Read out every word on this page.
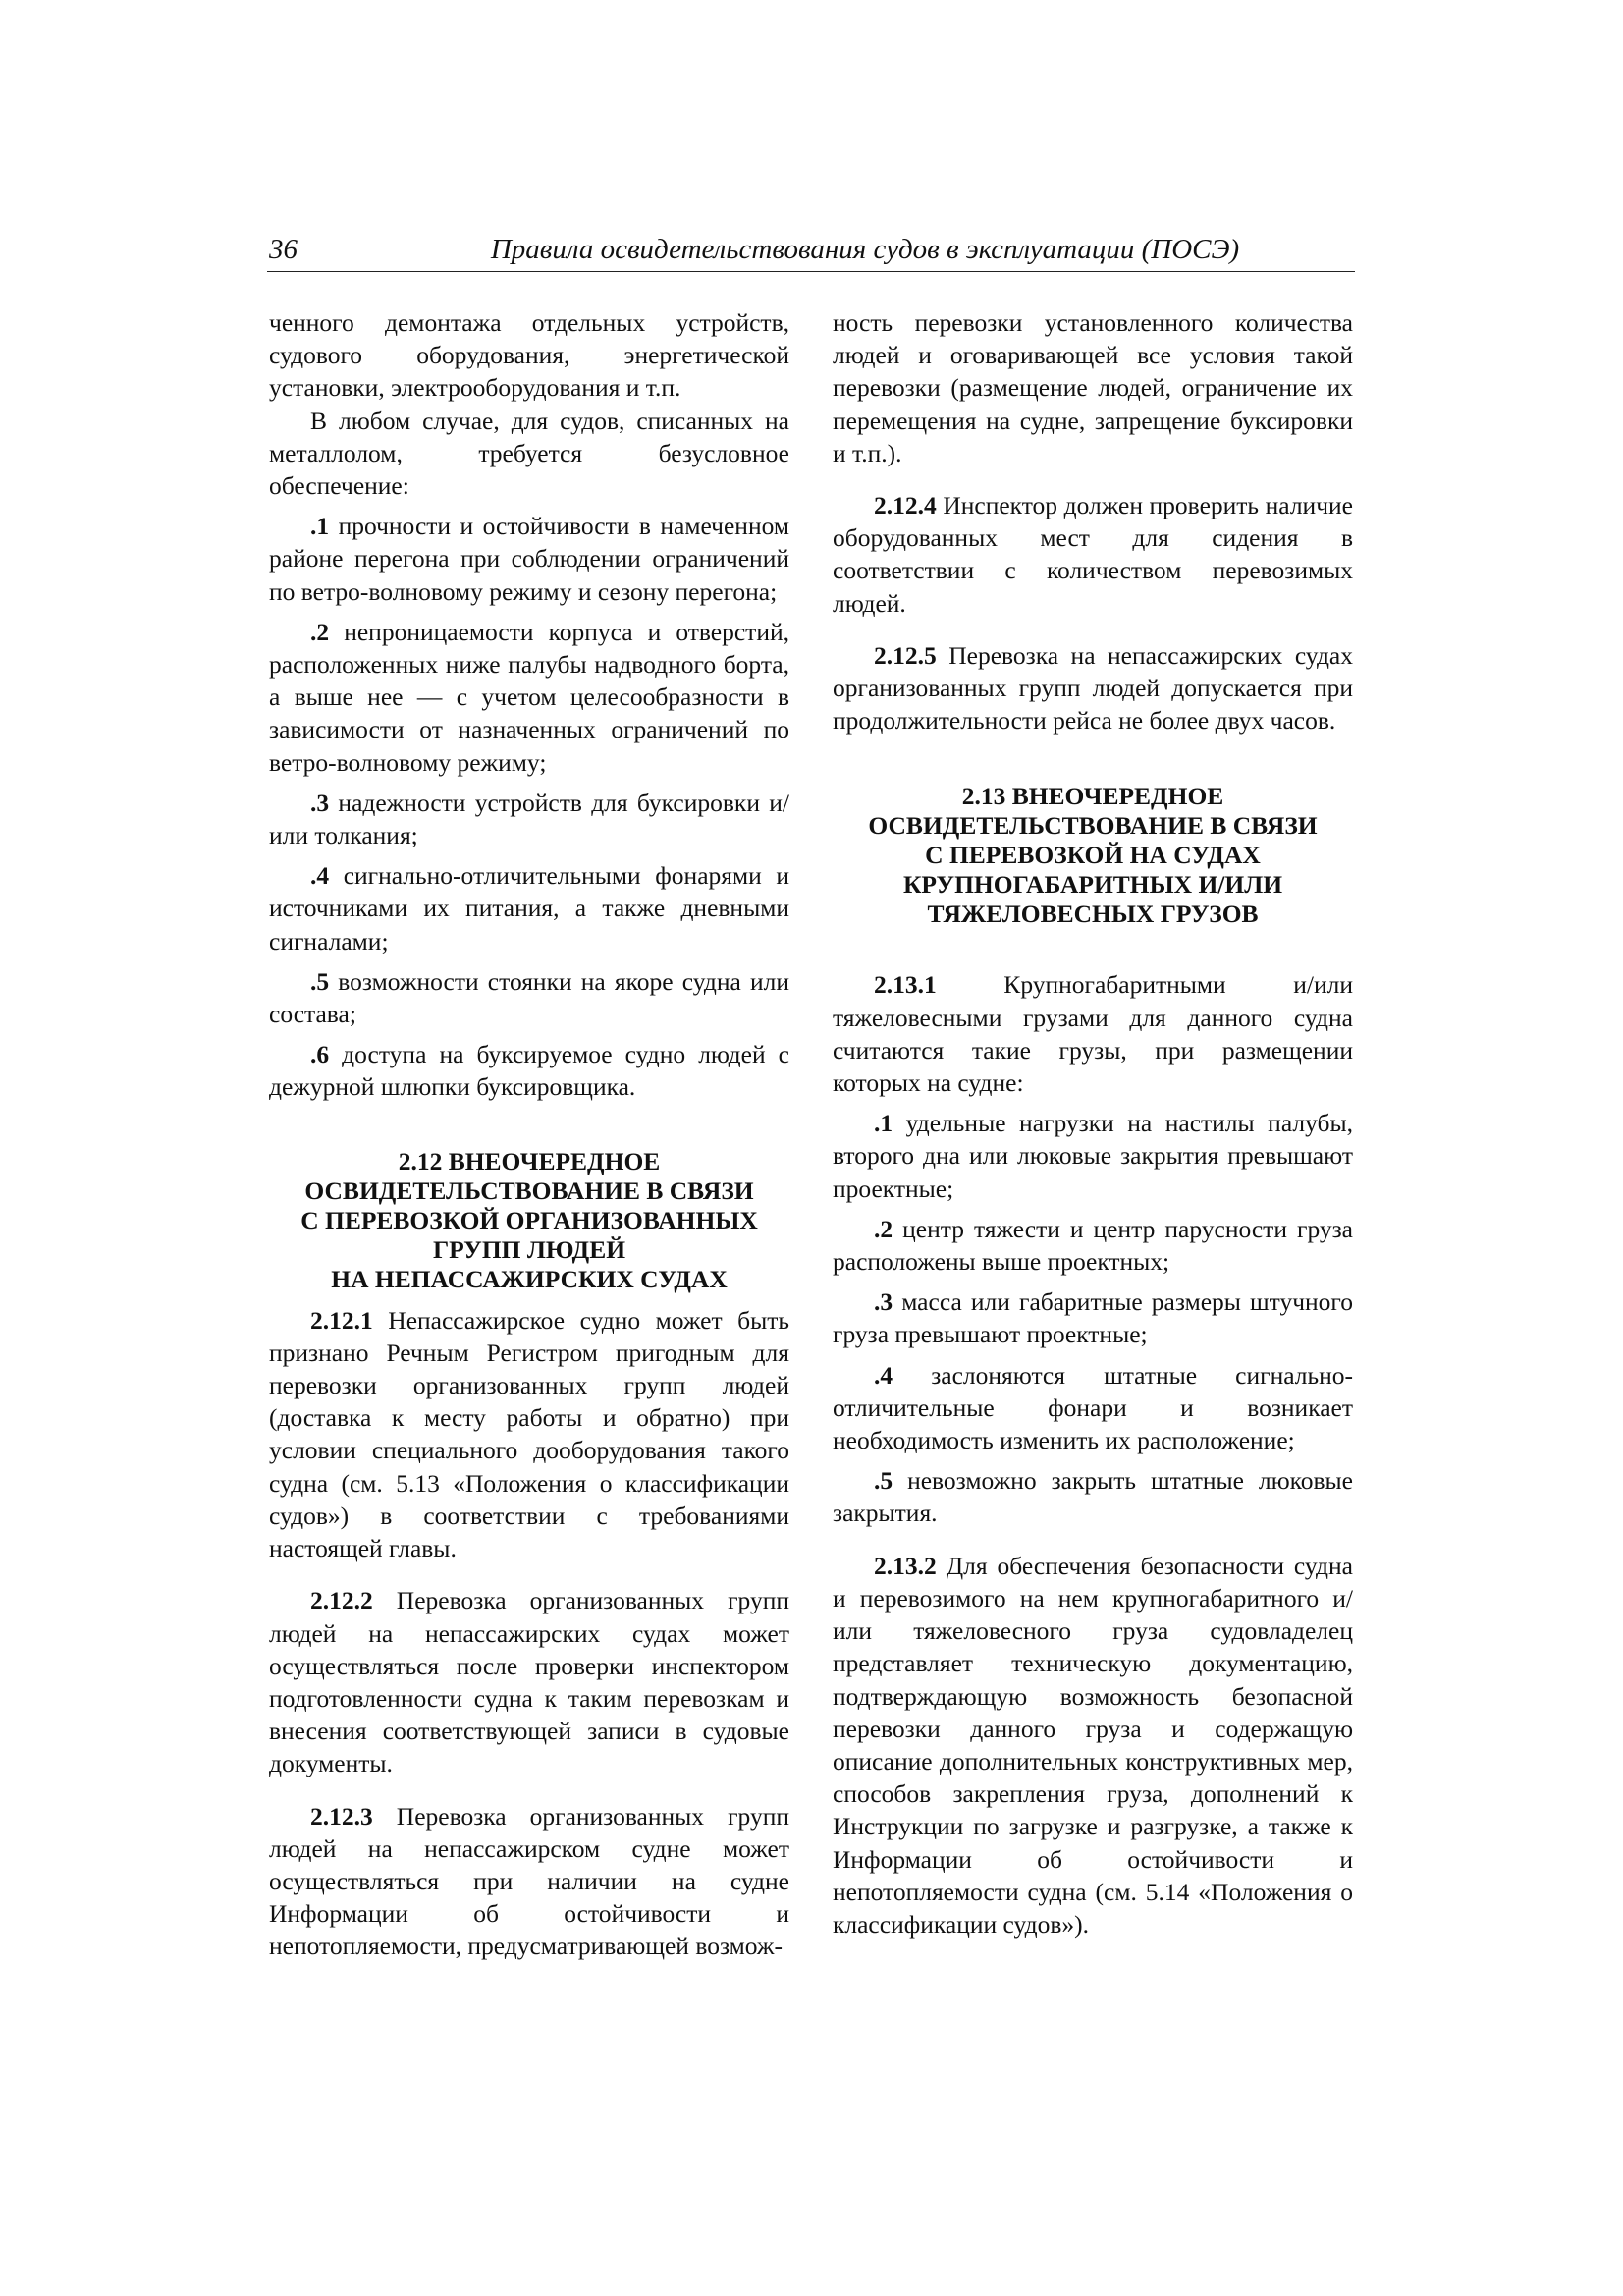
36	Правила освидетельствования судов в эксплуатации (ПОСЭ)

ченного демонтажа отдельных устройств, судового оборудования, энергетической установки, электрооборудования и т.п.

В любом случае, для судов, списанных на металлолом, требуется безусловное обеспечение:

.1 прочности и остойчивости в намеченном районе перегона при соблюдении ограничений по ветро-волновому режиму и сезону перегона;

.2 непроницаемости корпуса и отверстий, расположенных ниже палубы надводного борта, а выше нее — с учетом целесообразности в зависимости от назначенных ограничений по ветро-волновому режиму;

.3 надежности устройств для буксировки и/или толкания;

.4 сигнально-отличительными фонарями и источниками их питания, а также дневными сигналами;

.5 возможности стоянки на якоре судна или состава;

.6 доступа на буксируемое судно людей с дежурной шлюпки буксировщика.

2.12 ВНЕОЧЕРЕДНОЕ
ОСВИДЕТЕЛЬСТВОВАНИЕ В СВЯЗИ
С ПЕРЕВОЗКОЙ ОРГАНИЗОВАННЫХ
ГРУПП ЛЮДЕЙ
НА НЕПАССАЖИРСКИХ СУДАХ

2.12.1 Непассажирское судно может быть признано Речным Регистром пригодным для перевозки организованных групп людей (доставка к месту работы и обратно) при условии специального дооборудования такого судна (см. 5.13 «Положения о классификации судов») в соответствии с требованиями настоящей главы.

2.12.2 Перевозка организованных групп людей на непассажирских судах может осуществляться после проверки инспектором подготовленности судна к таким перевозкам и внесения соответствующей записи в судовые документы.

2.12.3 Перевозка организованных групп людей на непассажирском судне может осуществляться при наличии на судне Информации об остойчивости и непотопляемости, предусматривающей возмож-

ность перевозки установленного количества людей и оговаривающей все условия такой перевозки (размещение людей, ограничение их перемещения на судне, запрещение буксировки и т.п.).

2.12.4 Инспектор должен проверить наличие оборудованных мест для сидения в соответствии с количеством перевозимых людей.

2.12.5 Перевозка на непассажирских судах организованных групп людей допускается при продолжительности рейса не более двух часов.

2.13 ВНЕОЧЕРЕДНОЕ
ОСВИДЕТЕЛЬСТВОВАНИЕ В СВЯЗИ
С ПЕРЕВОЗКОЙ НА СУДАХ
КРУПНОГАБАРИТНЫХ И/ИЛИ
ТЯЖЕЛОВЕСНЫХ ГРУЗОВ

2.13.1 Крупногабаритными и/или тяжеловесными грузами для данного судна считаются такие грузы, при размещении которых на судне:

.1 удельные нагрузки на настилы палубы, второго дна или люковые закрытия превышают проектные;

.2 центр тяжести и центр парусности груза расположены выше проектных;

.3 масса или габаритные размеры штучного груза превышают проектные;

.4 заслоняются штатные сигнально-отличительные фонари и возникает необходимость изменить их расположение;

.5 невозможно закрыть штатные люковые закрытия.

2.13.2 Для обеспечения безопасности судна и перевозимого на нем крупногабаритного и/или тяжеловесного груза судовладелец представляет техническую документацию, подтверждающую возможность безопасной перевозки данного груза и содержащую описание дополнительных конструктивных мер, способов закрепления груза, дополнений к Инструкции по загрузке и разгрузке, а также к Информации об остойчивости и непотопляемости судна (см. 5.14 «Положения о классификации судов»).
